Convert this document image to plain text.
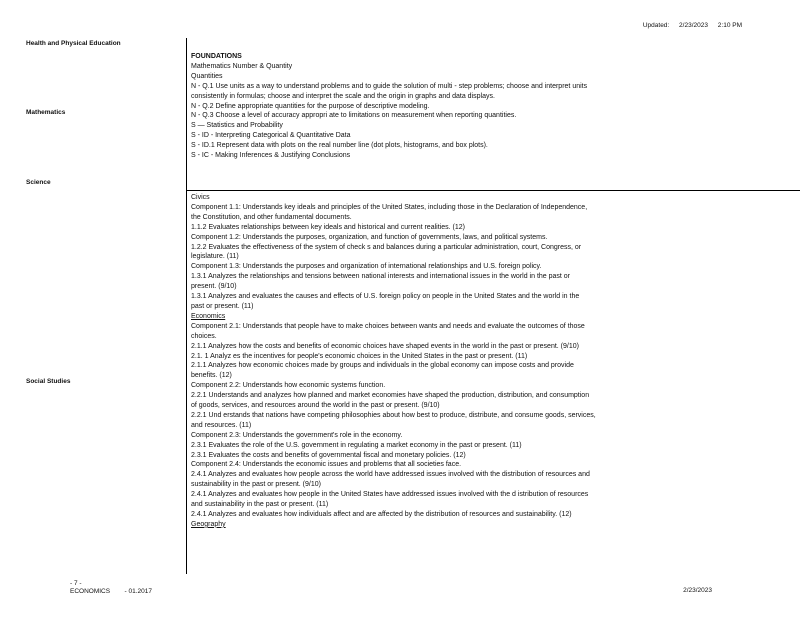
Updated: 2/23/2023 2:10 PM
Health and Physical Education
Mathematics
Science
Social Studies
FOUNDATIONS
Mathematics Number & Quantity
Quantities
N - Q.1 Use units as a way to understand problems and to guide the solution of multi - step problems; choose and interpret units
consistently in formulas; choose and interpret the scale and the origin in graphs and data displays.
N - Q.2 Define appropriate quantities for the purpose of descriptive modeling.
N - Q.3 Choose a level of accuracy appropri ate to limitations on measurement when reporting quantities.
S — Statistics and Probability
S - ID - Interpreting Categorical & Quantitative Data
S - ID.1 Represent data with plots on the real number line (dot plots, histograms, and box plots).
S - IC - Making Inferences & Justifying Conclusions
Civics
Component 1.1: Understands key ideals and principles of the United States, including those in the Declaration of Independence,
the Constitution, and other fundamental documents.
1.1.2 Evaluates relationships between key ideals and historical and current realities. (12)
Component 1.2: Understands the purposes, organization, and function of governments, laws, and political systems.
1.2.2 Evaluates the effectiveness of the system of check s and balances during a particular administration, court, Congress, or
legislature. (11)
Component 1.3: Understands the purposes and organization of international relationships and U.S. foreign policy.
1.3.1 Analyzes the relationships and tensions between national interests and international issues in the world in the past or
present. (9/10)
1.3.1 Analyzes and evaluates the causes and effects of U.S. foreign policy on people in the United States and the world in the
past or present. (11)
Economics
Component 2.1: Understands that people have to make choices between wants and needs and evaluate the outcomes of those
choices.
2.1.1 Analyzes how the costs and benefits of economic choices have shaped events in the world in the past or present. (9/10)
2.1. 1 Analyz es the incentives for people's economic choices in the United States in the past or present. (11)
2.1.1 Analyzes how economic choices made by groups and individuals in the global economy can impose costs and provide
benefits. (12)
Component 2.2: Understands how economic systems function.
2.2.1 Understands and analyzes how planned and market economies have shaped the production, distribution, and consumption
of goods, services, and resources around the world in the past or present. (9/10)
2.2.1 Und erstands that nations have competing philosophies about how best to produce, distribute, and consume goods, services,
and resources. (11)
Component 2.3: Understands the government's role in the economy.
2.3.1 Evaluates the role of the U.S. government in regulating a market economy in the past or present. (11)
2.3.1 Evaluates the costs and benefits of governmental fiscal and monetary policies. (12)
Component 2.4: Understands the economic issues and problems that all societies face.
2.4.1 Analyzes and evaluates how people across the world have addressed issues involved with the distribution of resources and
sustainability in the past or present. (9/10)
2.4.1 Analyzes and evaluates how people in the United States have addressed issues involved with the d istribution of resources
and sustainability in the past or present. (11)
2.4.1 Analyzes and evaluates how individuals affect and are affected by the distribution of resources and sustainability. (12)
Geography
- 7 -
ECONOMICS - 01.2017	2/23/2023
